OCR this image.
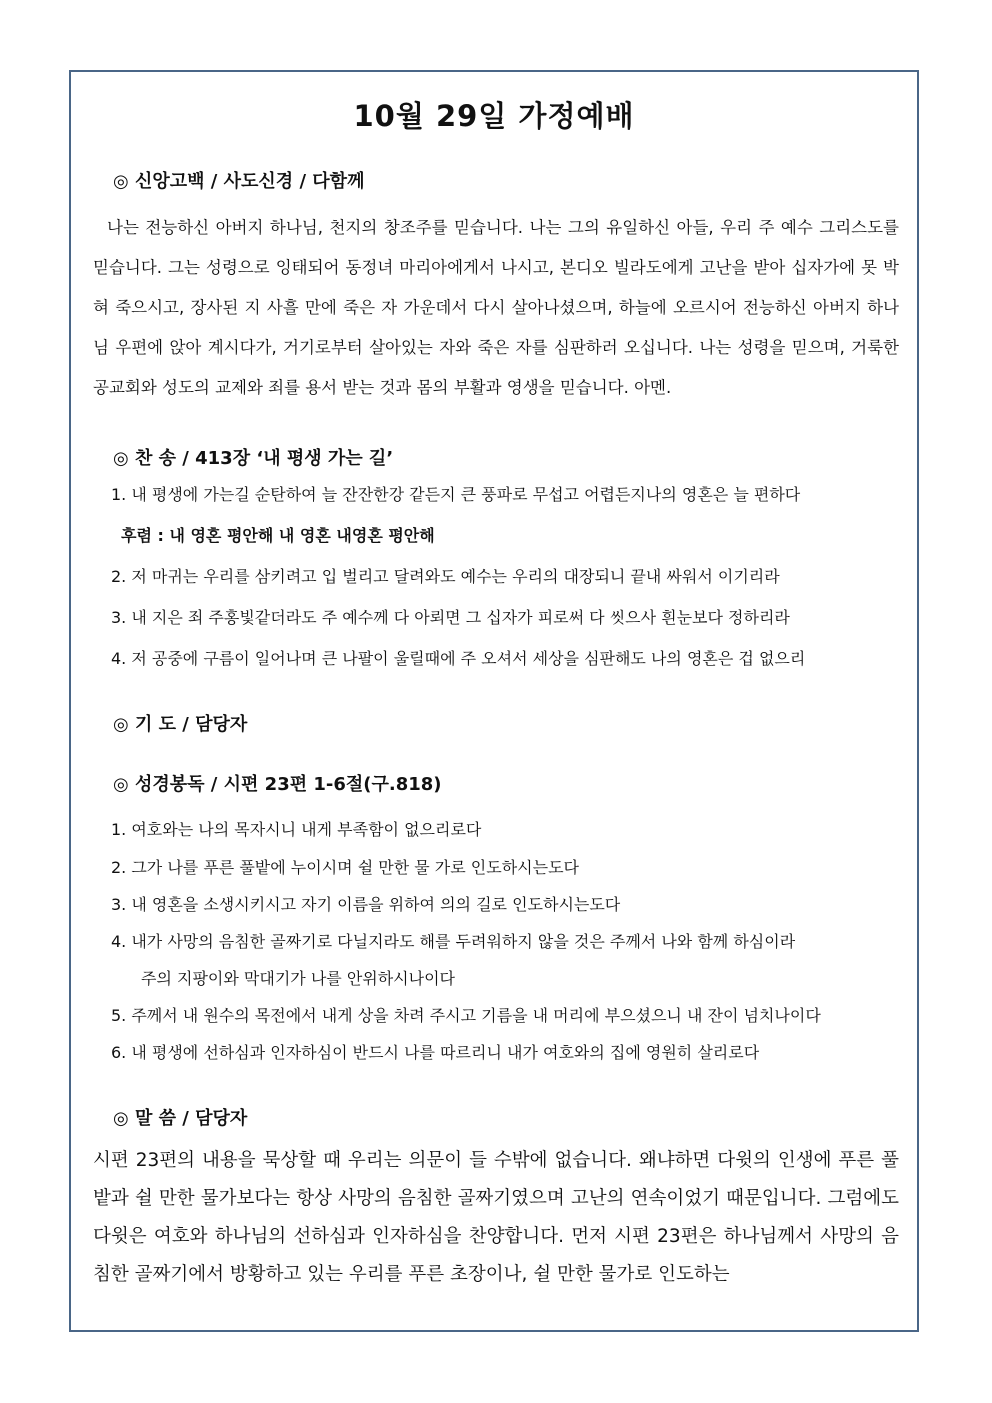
10월 29일 가정예배
◎ 신앙고백 / 사도신경 / 다함께
나는 전능하신 아버지 하나님, 천지의 창조주를 믿습니다. 나는 그의 유일하신 아들, 우리 주 예수 그리스도를 믿습니다. 그는 성령으로 잉태되어 동정녀 마리아에게서 나시고, 본디오 빌라도에게 고난을 받아 십자가에 못 박혀 죽으시고, 장사된 지 사흘 만에 죽은 자 가운데서 다시 살아나셨으며, 하늘에 오르시어 전능하신 아버지 하나님 우편에 앉아 계시다가, 거기로부터 살아있는 자와 죽은 자를 심판하러 오십니다. 나는 성령을 믿으며, 거룩한 공교회와 성도의 교제와 죄를 용서 받는 것과 몸의 부활과 영생을 믿습니다. 아멘.
◎ 찬 송 / 413장 ‘내 평생 가는 길’
1. 내 평생에 가는길 순탄하여 늘 잔잔한강 같든지 큰 풍파로 무섭고 어렵든지나의 영혼은 늘 편하다
후렴 : 내 영혼 평안해 내 영혼 내영혼 평안해
2. 저 마귀는 우리를 삼키려고 입 벌리고 달려와도 예수는 우리의 대장되니 끝내 싸워서 이기리라
3. 내 지은 죄 주홍빛같더라도 주 예수께 다 아뢰면 그 십자가 피로써 다 씻으사 흰눈보다 정하리라
4. 저 공중에 구름이 일어나며 큰 나팔이 울릴때에 주 오셔서 세상을 심판해도 나의 영혼은 겁 없으리
◎ 기 도 / 담당자
◎ 성경봉독 / 시편 23편 1-6절(구.818)
1. 여호와는 나의 목자시니 내게 부족함이 없으리로다
2. 그가 나를 푸른 풀밭에 누이시며 쉴 만한 물 가로 인도하시는도다
3. 내 영혼을 소생시키시고 자기 이름을 위하여 의의 길로 인도하시는도다
4. 내가 사망의 음침한 골짜기로 다닐지라도 해를 두려워하지 않을 것은 주께서 나와 함께 하심이라
주의 지팡이와 막대기가 나를 안위하시나이다
5. 주께서 내 원수의 목전에서 내게 상을 차려 주시고 기름을 내 머리에 부으셨으니 내 잔이 넘치나이다
6. 내 평생에 선하심과 인자하심이 반드시 나를 따르리니 내가 여호와의 집에 영원히 살리로다
◎ 말 씀 / 담당자
시편 23편의 내용을 묵상할 때 우리는 의문이 들 수밖에 없습니다. 왜냐하면 다윗의 인생에 푸른 풀밭과 쉴 만한 물가보다는 항상 사망의 음침한 골짜기였으며 고난의 연속이었기 때문입니다. 그럼에도 다윗은 여호와 하나님의 선하심과 인자하심을 찬양합니다. 먼저 시편 23편은 하나님께서 사망의 음침한 골짜기에서 방황하고 있는 우리를 푸른 초장이나, 쉴 만한 물가로 인도하는
